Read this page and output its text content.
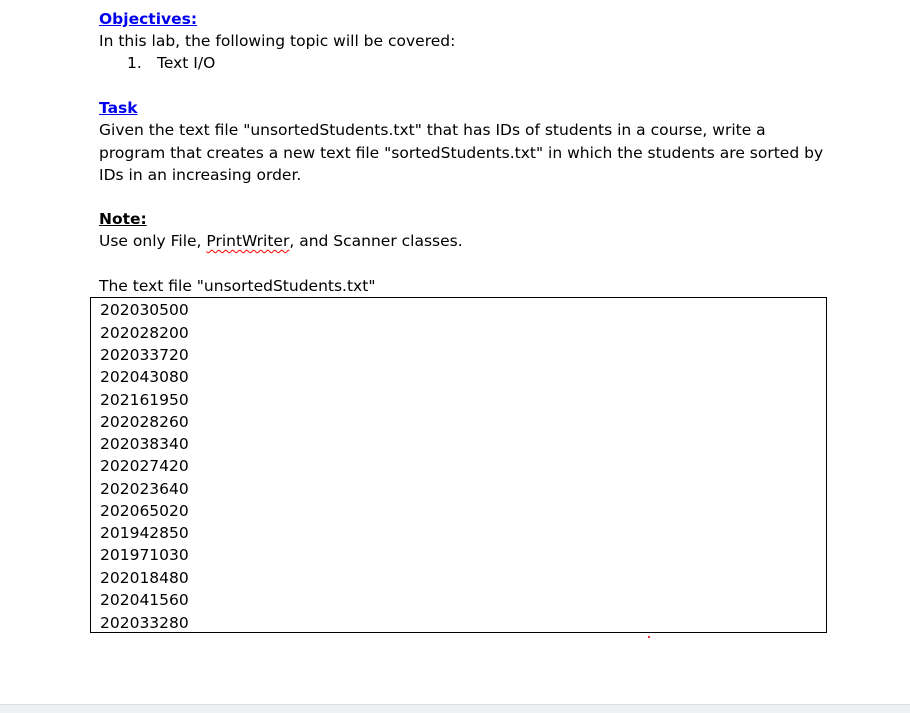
Objectives:
In this lab, the following topic will be covered:
1. Text I/O
Task
Given the text file "unsortedStudents.txt" that has IDs of students in a course, write a
program that creates a new text file "sortedStudents.txt" in which the students are sorted by
IDs in an increasing order.
Note:
Use only File, PrintWriter, and Scanner classes.
The text file "unsortedStudents.txt"
202030500
202028200
202033720
202043080
202161950
202028260
202038340
202027420
202023640
202065020
201942850
201971030
202018480
202041560
202033280
